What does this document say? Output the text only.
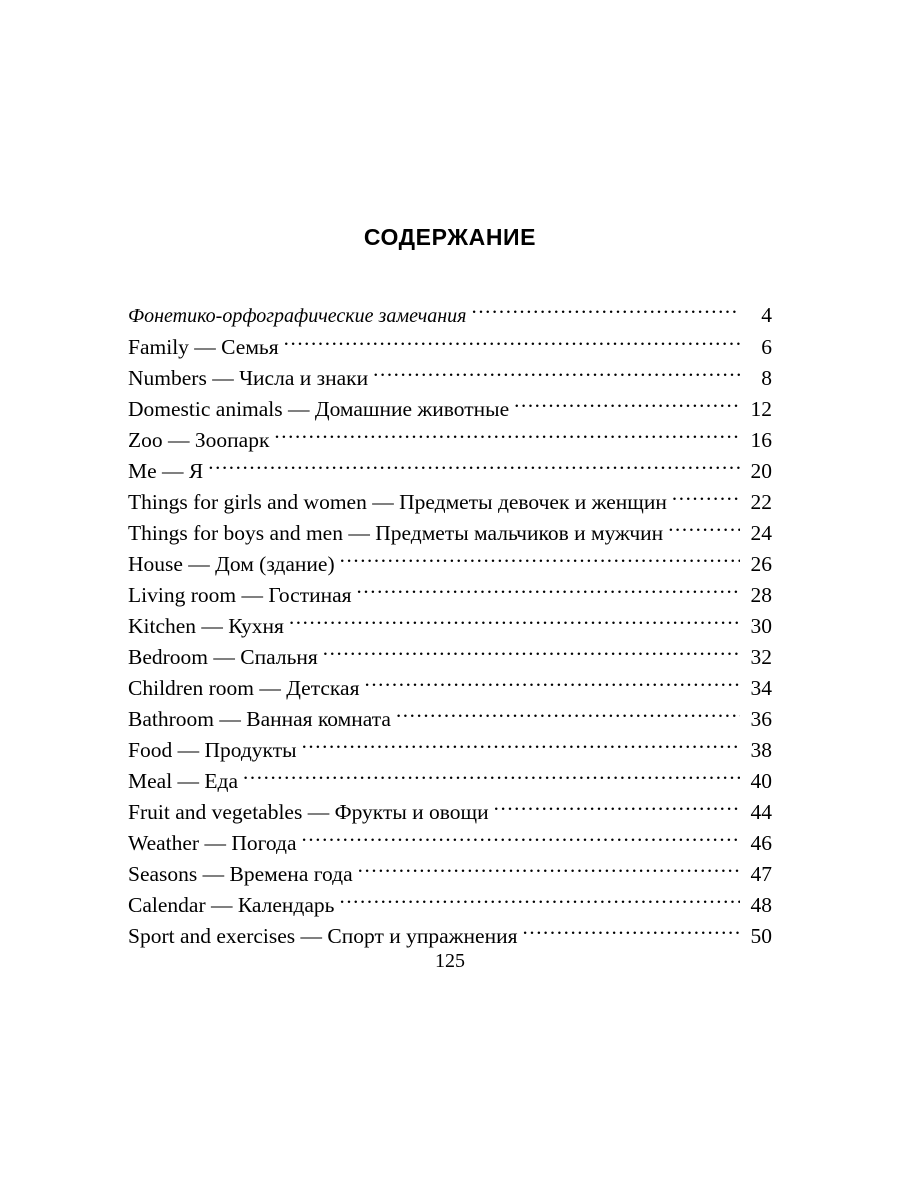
СОДЕРЖАНИЕ
Фонетико-орфографические замечания .....	4
Family — Семья .....	6
Numbers — Числа и знаки .....	8
Domestic animals — Домашние животные .....	12
Zoo — Зоопарк .....	16
Me — Я .....	20
Things for girls and women — Предметы девочек и женщин .....	22
Things for boys and men — Предметы мальчиков и мужчин .....	24
House — Дом (здание) .....	26
Living room — Гостиная .....	28
Kitchen — Кухня .....	30
Bedroom — Спальня .....	32
Children room — Детская .....	34
Bathroom — Ванная комната .....	36
Food — Продукты .....	38
Meal — Еда .....	40
Fruit and vegetables — Фрукты и овощи .....	44
Weather — Погода .....	46
Seasons — Времена года .....	47
Calendar — Календарь .....	48
Sport and exercises — Спорт и упражнения .....	50
125
